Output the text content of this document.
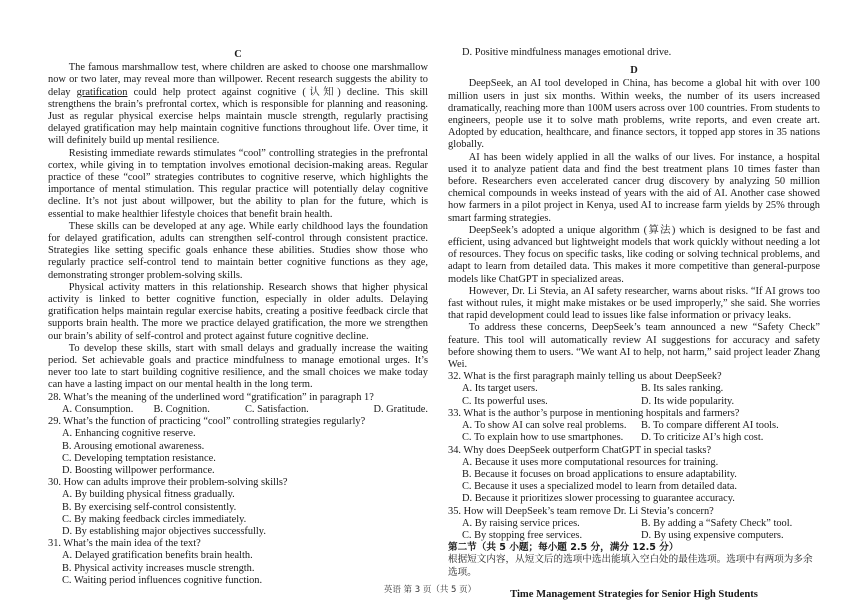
C

The famous marshmallow test, where children are asked to choose one marshmallow now or two later, may reveal more than willpower. Recent research suggests the ability to delay gratification could help protect against cognitive (认知) decline. This skill strengthens the brain’s prefrontal cortex, which is responsible for planning and reasoning. Just as regular physical exercise helps maintain muscle strength, regularly practising delayed gratification may help maintain cognitive functions throughout life. Over time, it will definitely build up mental resilience.

Resisting immediate rewards stimulates “cool” controlling strategies in the prefrontal cortex, while giving in to temptation involves emotional decision-making areas. Regular practice of these “cool” strategies contributes to cognitive reserve, which highlights the importance of mental stimulation. This regular practice will potentially delay cognitive decline. It’s not just about willpower, but the ability to plan for the future, which is essential to make healthier lifestyle choices that benefit brain health.

These skills can be developed at any age. While early childhood lays the foundation for delayed gratification, adults can strengthen self-control through consistent practice. Strategies like setting specific goals enhance these abilities. Studies show those who regularly practice self-control tend to maintain better cognitive functions as they age, demonstrating stronger problem-solving skills.

Physical activity matters in this relationship. Research shows that higher physical activity is linked to better cognitive function, especially in older adults. Delaying gratification helps maintain regular exercise habits, creating a positive feedback circle that supports brain health. The more we practice delayed gratification, the more we strengthen our brain’s ability of self-control and protect against future cognitive decline.

To develop these skills, start with small delays and gradually increase the waiting period. Set achievable goals and practice mindfulness to manage emotional urges. It’s never too late to start building cognitive resilience, and the small choices we make today can have a lasting impact on our mental health in the long term.

28. What’s the meaning of the underlined word “gratification” in paragraph 1?
A. Consumption.	B. Cognition.	C. Satisfaction.	D. Gratitude.
29. What’s the function of practicing “cool” controlling strategies regularly?
A. Enhancing cognitive reserve.
B. Arousing emotional awareness.
C. Developing temptation resistance.
D. Boosting willpower performance.
30. How can adults improve their problem-solving skills?
A. By building physical fitness gradually.
B. By exercising self-control consistently.
C. By making feedback circles immediately.
D. By establishing major objectives successfully.
31. What’s the main idea of the text?
A. Delayed gratification benefits brain health.
B. Physical activity increases muscle strength.
C. Waiting period influences cognitive function.
D. Positive mindfulness manages emotional drive.
D

DeepSeek, an AI tool developed in China, has become a global hit with over 100 million users in just six months. Within weeks, the number of its users increased dramatically, reaching more than 100M users across over 100 countries. From students to engineers, people use it to solve math problems, write reports, and even create art. Adopted by education, healthcare, and finance sectors, it topped app stores in 35 nations globally.

AI has been widely applied in all the walks of our lives. For instance, a hospital used it to analyze patient data and find the best treatment plans 10 times faster than before. Researchers even accelerated cancer drug discovery by analyzing 50 million chemical compounds in weeks instead of years with the aid of AI. Another case showed how farmers in a pilot project in Kenya, used AI to increase farm yields by 25% through smart farming strategies.

DeepSeek’s adopted a unique algorithm (算法) which is designed to be fast and efficient, using advanced but lightweight models that work quickly without needing a lot of resources. They focus on specific tasks, like coding or solving technical problems, and adapt to learn from detailed data. This makes it more competitive than general-purpose models like ChatGPT in specialized areas.

However, Dr. Li Stevia, an AI safety researcher, warns about risks. “If AI grows too fast without rules, it might make mistakes or be used improperly,” she said. She worries that rapid development could lead to issues like false information or privacy leaks.

To address these concerns, DeepSeek’s team announced a new “Safety Check” feature. This tool will automatically review AI suggestions for accuracy and safety before showing them to users. “We want AI to help, not harm,” said project leader Zhang Wei.

32. What is the first paragraph mainly telling us about DeepSeek?
A. Its target users.	B. Its sales ranking.
C. Its powerful uses.	D. Its wide popularity.
33. What is the author’s purpose in mentioning hospitals and farmers?
A. To show AI can solve real problems.	B. To compare different AI tools.
C. To explain how to use smartphones.	D. To criticize AI’s high cost.
34. Why does DeepSeek outperform ChatGPT in special tasks?
A. Because it uses more computational resources for training.
B. Because it focuses on broad applications to ensure adaptability.
C. Because it uses a specialized model to learn from detailed data.
D. Because it prioritizes slower processing to guarantee accuracy.
35. How will DeepSeek’s team remove Dr. Li Stevia’s concern?
A. By raising service prices.	B. By adding a “Safety Check” tool.
C. By stopping free services.	D. By using expensive computers.
第二节（共 5 小题；每小题 2.5 分，满分 12.5 分）
根据短文内容，从短文后的选项中选出能填入空白处的最佳选项。选项中有两项为多余选项。
Time Management Strategies for Senior High Students
英语 第 3 页（共 5 页）
